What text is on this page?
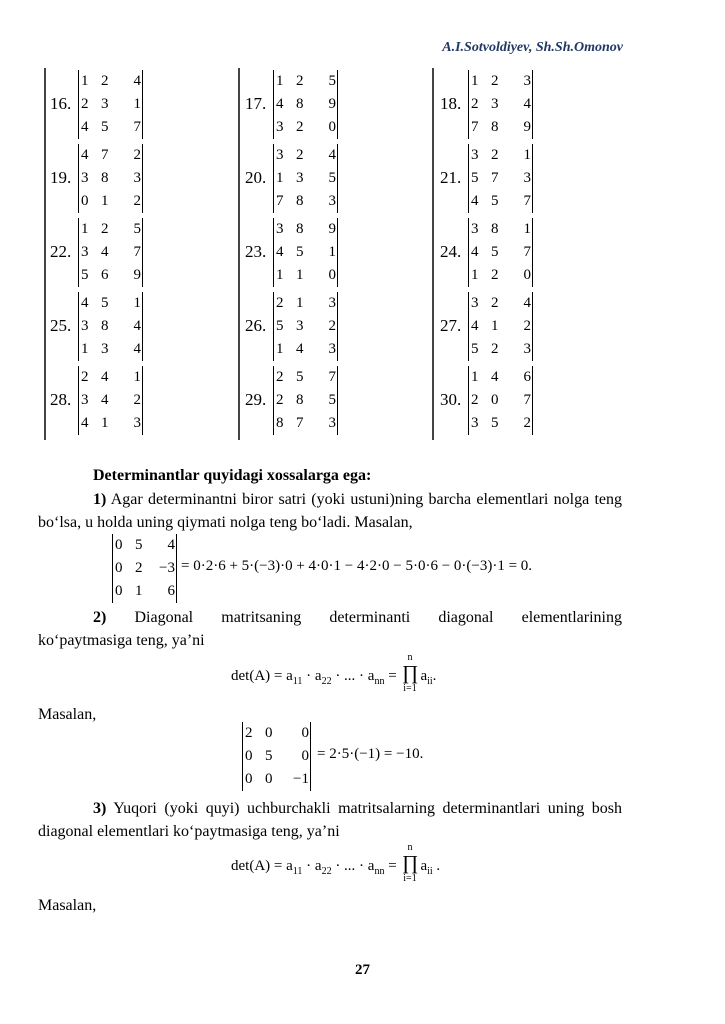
A.I.Sotvoldiyev, Sh.Sh.Omonov
16.
1 2	4
2 3	1
4 5	7
17.
1 2	5
4 8	9
3 2	0
18.
1 2	3
2 3	4
7 8	9
19.
4 7	2
3 8	3
0 1	2
20.
3 2	4
1 3	5
7 8	3
21.
3 2	1
5 7	3
4 5	7
22.
1 2	5
3 4	7
5 6	9
23.
3 8	9
4 5	1
1 1	0
24.
3 8	1
4 5	7
1 2	0
25.
4 5	1
3 8	4
1 3	4
26.
2 1	3
5 3	2
1 4	3
27.
3 2	4
4 1	2
5 2	3
28.
2 4	1
3 4	2
4 1	3
29.
2 5	7
2 8	5
8 7	3
30.
1 4	6
2 0	7
3 5	2
Determinantlar quyidagi xossalarga ega:
1) Agar determinantni biror satri (yoki ustuni)ning barcha elementlari nolga teng bo‘lsa, u holda uning qiymati nolga teng bo‘ladi. Masalan,
0 5	4
0 2	−3
0 1	6
= 0·2·6 + 5·(−3)·0 + 4·0·1 − 4·2·0 − 5·0·6 − 0·(−3)·1 = 0.
2) Diagonal matritsaning determinanti diagonal elementlarining
ko‘paytmasiga teng, ya’ni
$\det(A) = a_{11} \cdot a_{22}$ · ... · $a_{nn} = a_{ii}$.
n
∏
i=1
Masalan,
2 0	0
0 5	0
0 0	−1
= 2·5·(−1) = −10.
3) Yuqori (yoki quyi) uchburchakli matritsalarning determinantlari uning bosh diagonal elementlari ko‘paytmasiga teng, ya’ni
$\det(A) = a_{11} \cdot a_{22}$ · ... · $a_{nn} = a_{ii}$ .
n
∏
i=1
Masalan,
27
